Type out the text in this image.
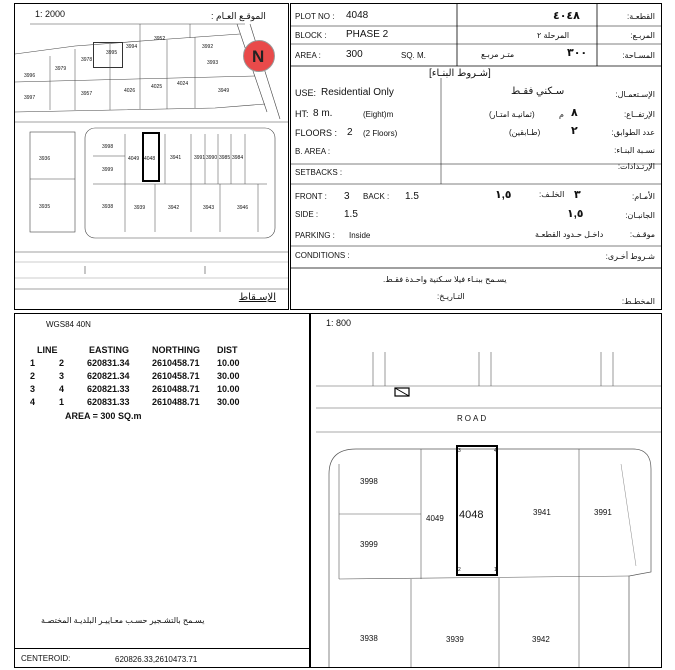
1: 2000	الموقـع العـام :
N
3994
3952
3992
3995
3978	3993
3979
3996
3957	4026
4025	4024
3949
3997
3998
3936	4049 4048	3941	3991 3990 3985 3984
3999
3935	3938	3939	3942	3943	3946
الإسـقاط
PLOT NO : 4048	٤٠٤٨	القطعـة:
BLOCK : PHASE 2	المرحلة ٢	المربـع:
AREA :	300	SQ. M.	متـر مربـع	٣٠٠	المسـاحة:
[شـروط البنـاء]
USE: Residential Only	سـكني فقـط	الإسـتعمـال:
HT: 8 m.	(Eight)m	(ثمانيـة امتـار)	م ٨	الإرتفــاع:
FLOORS : 2 (2 Floors)	(طـابقين)	٢	عدد الطوابق:
B. AREA :	نسـبة البنـاء:
SETBACKS :
الإرتـدادات:
FRONT : 3 BACK : 1.5	١,٥	الخلـف: ٣	الأمـام:
SIDE :	1.5	١,٥	الجانبـان:
PARKING : Inside	داخـل حـدود القطعـة	موقـف:
CONDITIONS :	شـروط أخـرى:
يسـمح ببنـاء فيلا سـكنية واحـدة فقـط.
التـاريـخ:
المخطـط:
WGS84 40N
LINE	EASTING	NORTHING DIST
1	2	620831.34 2610458.71 10.00
2	3	620821.34 2610458.71 30.00
3	4	620821.33 2610488.71 10.00
4	1	620831.33 2610488.71 30.00
AREA = 300 SQ.m
يسـمح بالتشـجير حسـب معـاييـر البلديـة المختصـة
CENTEROID:	620826.33,2610473.71
1: 800
3	4
2	1
ROAD
3998
4049 4048	3941	3991
3999
3938	3939	3942
